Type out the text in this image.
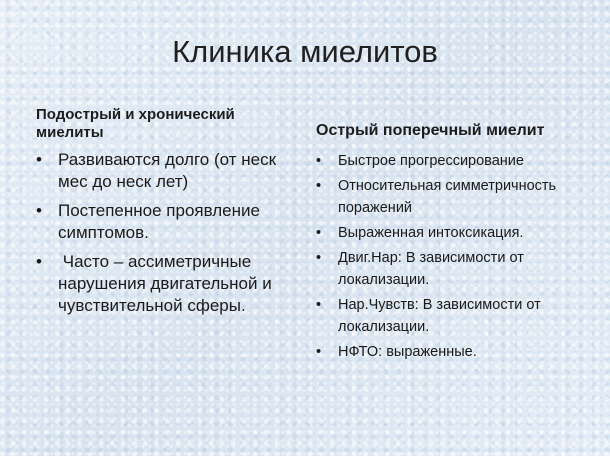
Клиника миелитов
Подострый и хронический миелиты
• Развиваются долго (от неск мес до неск лет)
• Постепенное проявление симптомов.
• Часто – ассиметричные нарушения двигательной и чувствительной сферы.
Острый поперечный миелит
• Быстрое прогрессирование
• Относительная симметричность поражений
• Выраженная интоксикация.
• Двиг.Нар: В зависимости от локализации.
• Нар.Чувств: В зависимости от локализации.
• НФТО: выраженные.
